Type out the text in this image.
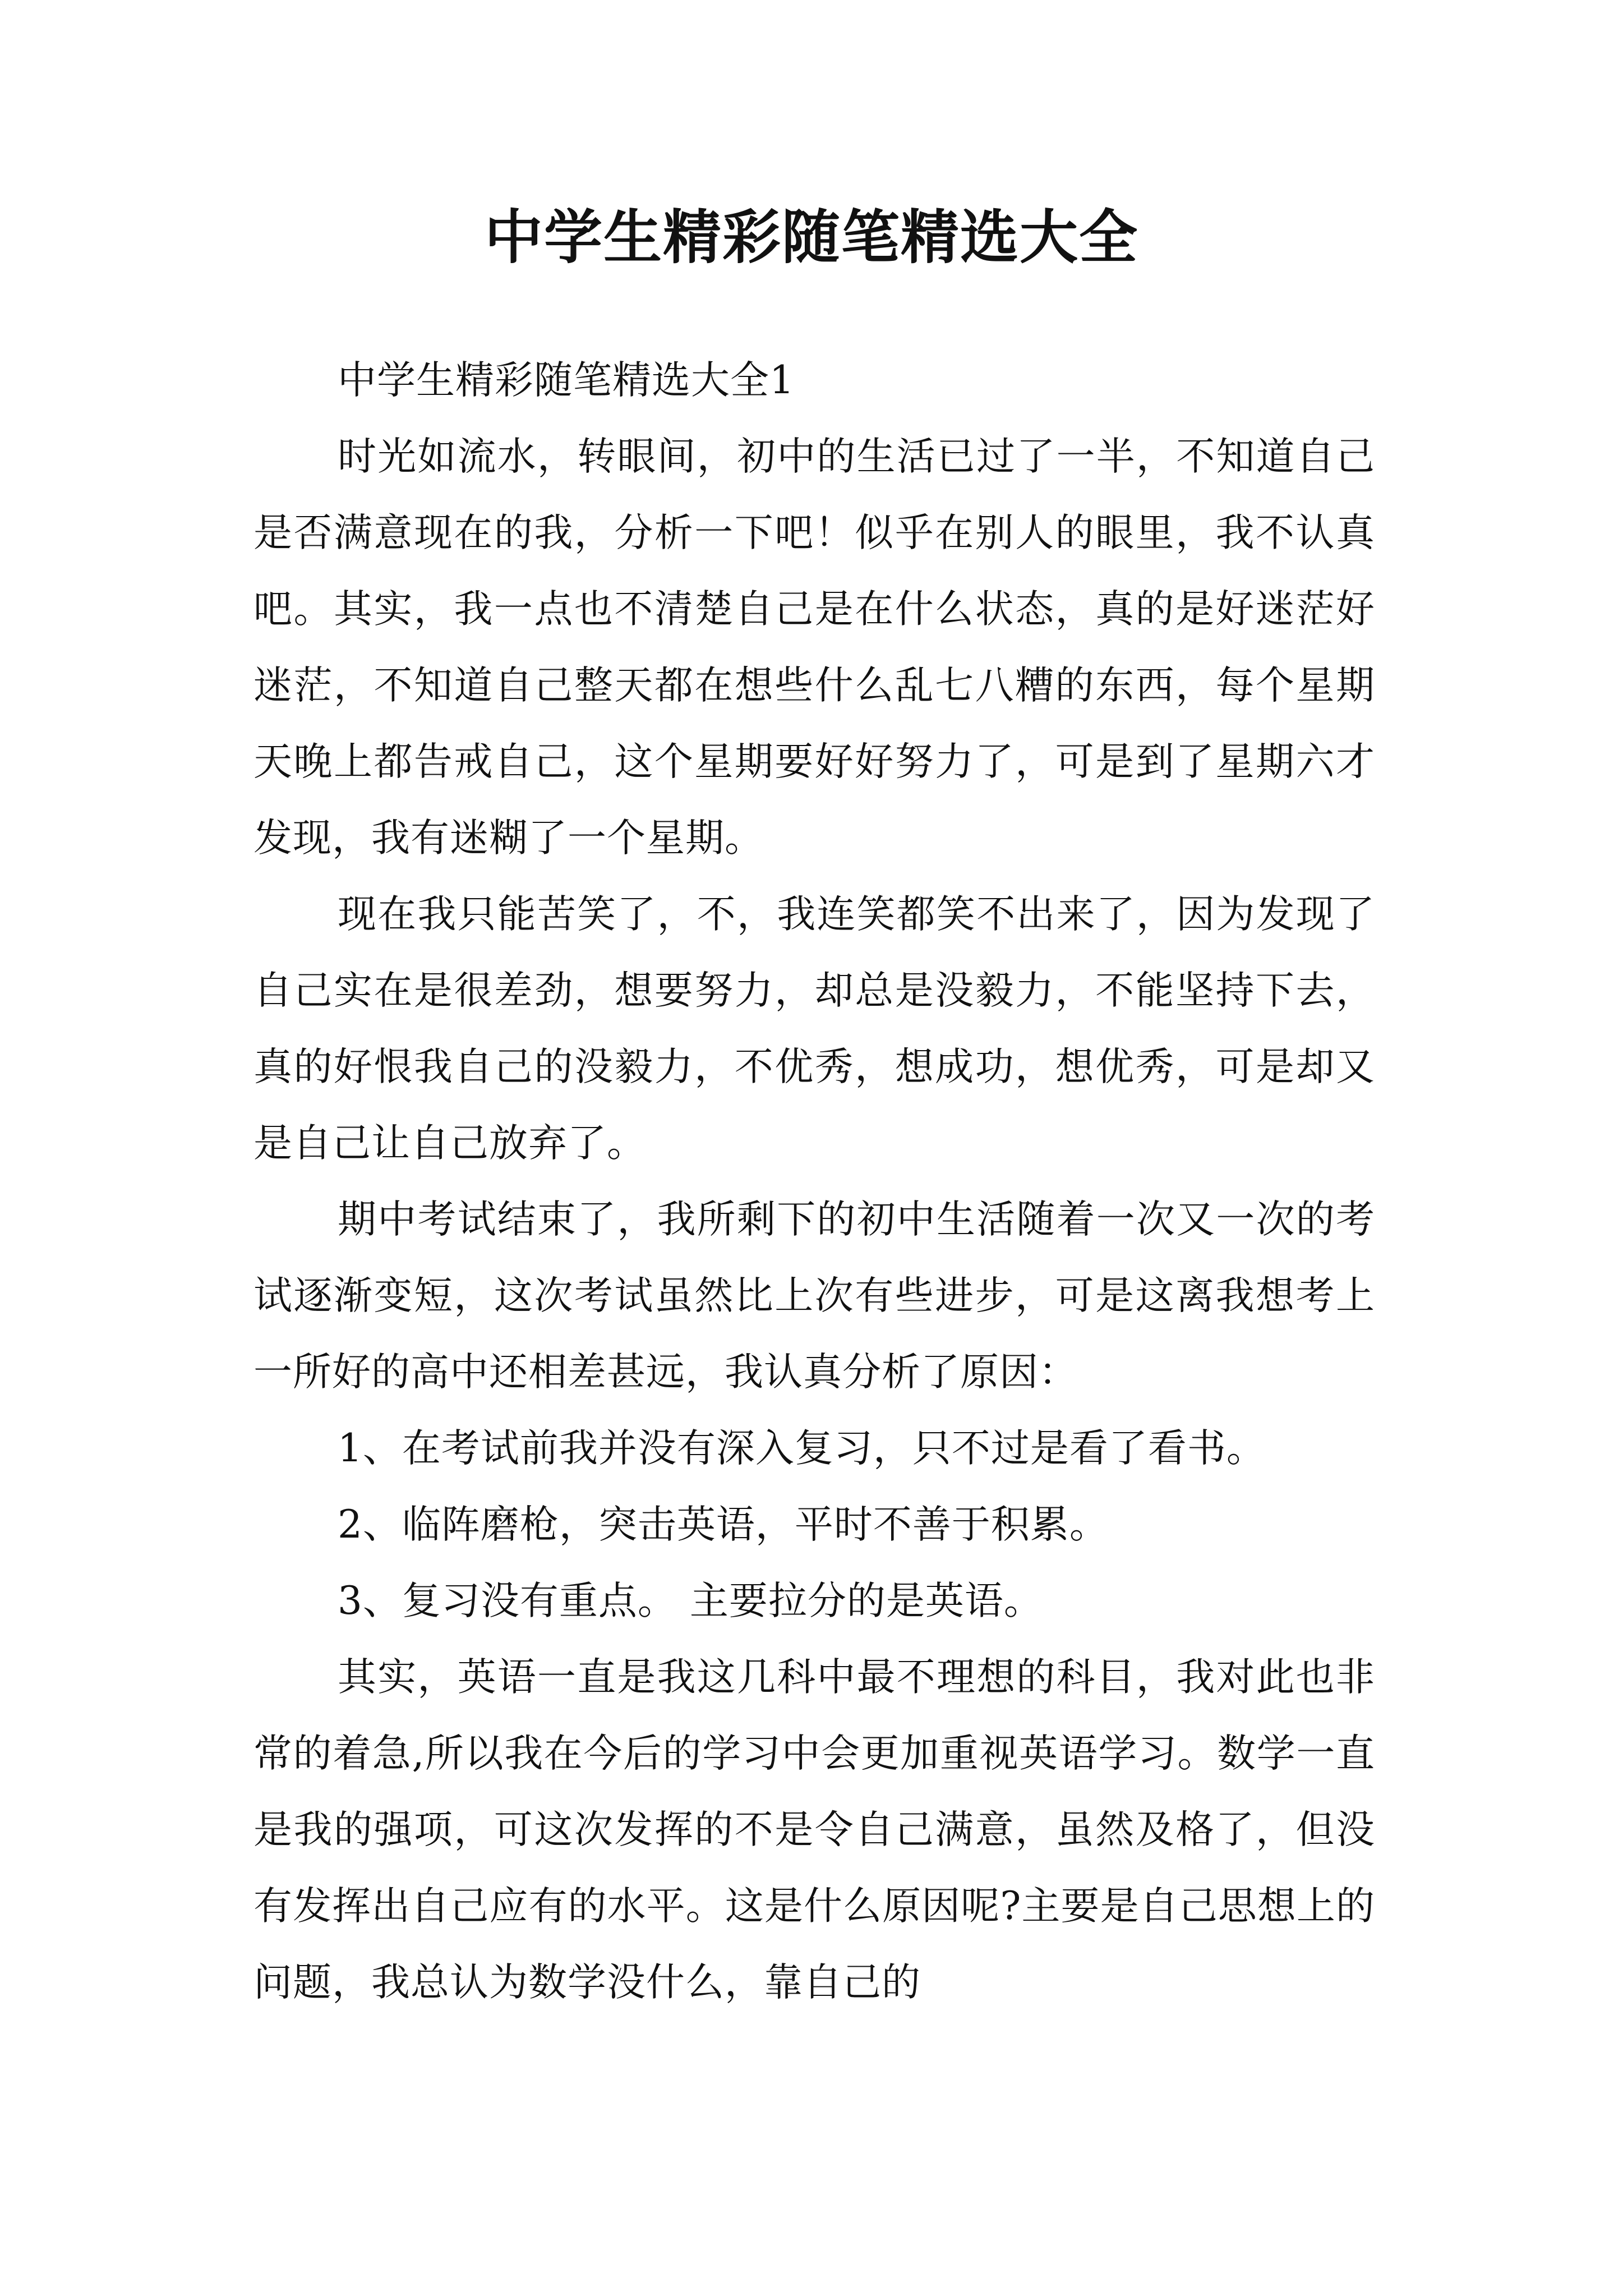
中学生精彩随笔精选大全

中学生精彩随笔精选大全1

时光如流水，转眼间，初中的生活已过了一半，不知道自己是否满意现在的我，分析一下吧！似乎在别人的眼里，我不认真吧。其实，我一点也不清楚自己是在什么状态，真的是好迷茫好迷茫，不知道自己整天都在想些什么乱七八糟的东西，每个星期天晚上都告戒自己，这个星期要好好努力了，可是到了星期六才发现，我有迷糊了一个星期。

现在我只能苦笑了，不，我连笑都笑不出来了，因为发现了自己实在是很差劲，想要努力，却总是没毅力，不能坚持下去，真的好恨我自己的没毅力，不优秀，想成功，想优秀，可是却又是自己让自己放弃了。

期中考试结束了，我所剩下的初中生活随着一次又一次的考试逐渐变短，这次考试虽然比上次有些进步，可是这离我想考上一所好的高中还相差甚远，我认真分析了原因：

1、在考试前我并没有深入复习，只不过是看了看书。

2、临阵磨枪，突击英语，平时不善于积累。

3、复习没有重点。 主要拉分的是英语。

其实，英语一直是我这几科中最不理想的科目，我对此也非常的着急,所以我在今后的学习中会更加重视英语学习。数学一直是我的强项，可这次发挥的不是令自己满意，虽然及格了，但没有发挥出自己应有的水平。这是什么原因呢?主要是自己思想上的问题，我总认为数学没什么，靠自己的
